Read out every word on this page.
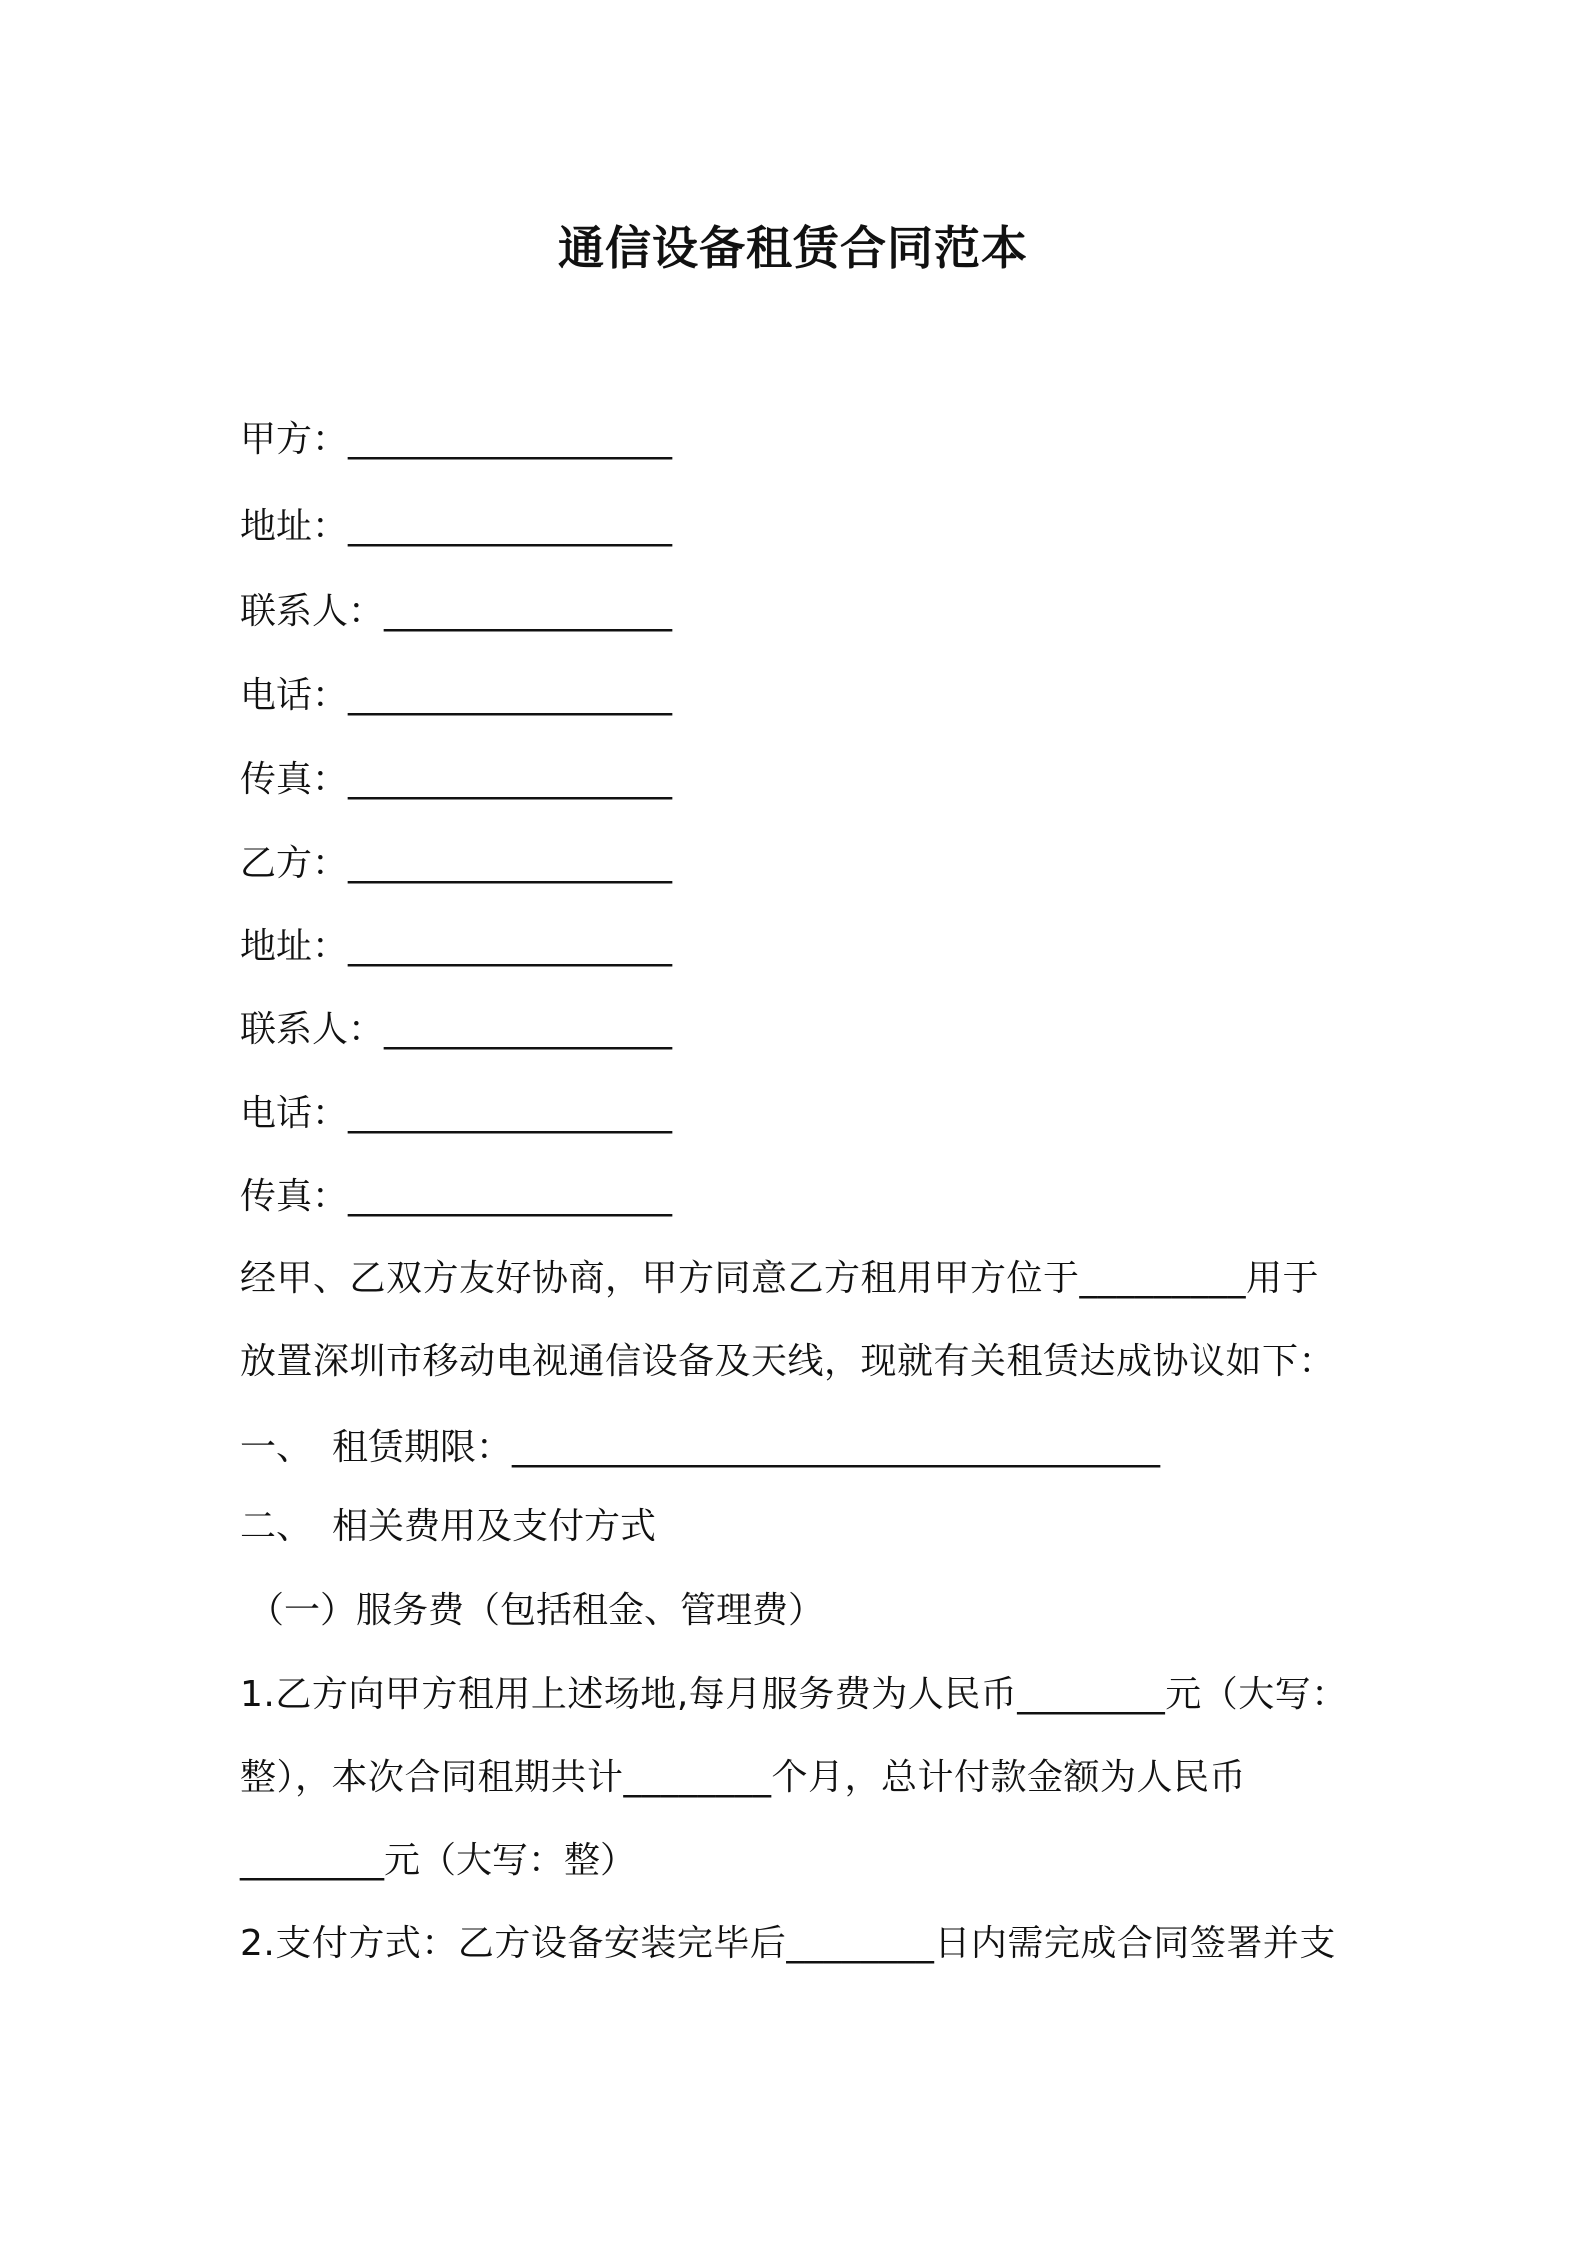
通信设备租赁合同范本
甲方：__________________
地址：__________________
联系人：________________
电话：__________________
传真：__________________
乙方：__________________
地址：__________________
联系人：________________
电话：__________________
传真：__________________
经甲、乙双方友好协商，甲方同意乙方租用甲方位于_________用于
放置深圳市移动电视通信设备及天线，现就有关租赁达成协议如下：
一、 租赁期限：____________________________________
二、 相关费用及支付方式
（一）服务费（包括租金、管理费）
1.乙方向甲方租用上述场地,每月服务费为人民币________元（大写：
整），本次合同租期共计________个月，总计付款金额为人民币
________元（大写：整）
2.支付方式：乙方设备安装完毕后________日内需完成合同签署并支
